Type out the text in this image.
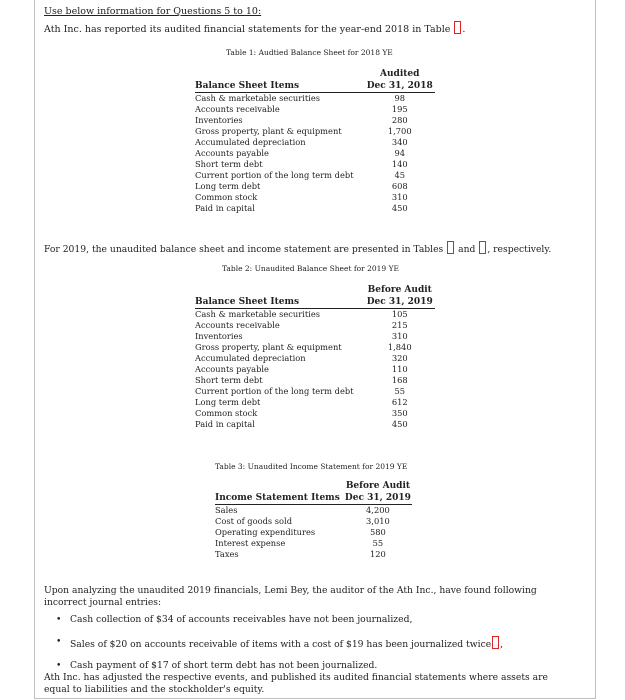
Use below information for Questions 5 to 10:
Ath Inc. has reported its audited financial statements for the year-end 2018 in Table .
Table 1: Audtied Balance Sheet for 2018 YE
	Audited
Balance Sheet Items	Dec 31, 2018
Cash & marketable securities	98
Accounts receivable	195
Inventories	280
Gross property, plant & equipment	1,700
Accumulated depreciation	340
Accounts payable	94
Short term debt	140
Current portion of the long term debt	45
Long term debt	608
Common stock	310
Paid in capital	450
For 2019, the unaudited balance sheet and income statement are presented in Tables  and , respectively.
Table 2: Unaudited Balance Sheet for 2019 YE
	Before Audit
Balance Sheet Items	Dec 31, 2019
Cash & marketable securities	105
Accounts receivable	215
Inventories	310
Gross property, plant & equipment	1,840
Accumulated depreciation	320
Accounts payable	110
Short term debt	168
Current portion of the long term debt	55
Long term debt	612
Common stock	350
Paid in capital	450
Table 3: Unaudited Income Statement for 2019 YE
	Before Audit
Income Statement Items	Dec 31, 2019
Sales	4,200
Cost of goods sold	3,010
Operating expenditures	580
Interest expense	55
Taxes	120
Upon analyzing the unaudited 2019 financials, Lemi Bey, the auditor of the Ath Inc., have found following incorrect journal entries:
• Cash collection of $34 of accounts receivables have not been journalized,
• Sales of $20 on accounts receivable of items with a cost of $19 has been journalized twice ,
• Cash payment of $17 of short term debt has not been journalized.
Ath Inc. has adjusted the respective events, and published its audited financial statements where assets are equal to liabilities and the stockholder's equity.
